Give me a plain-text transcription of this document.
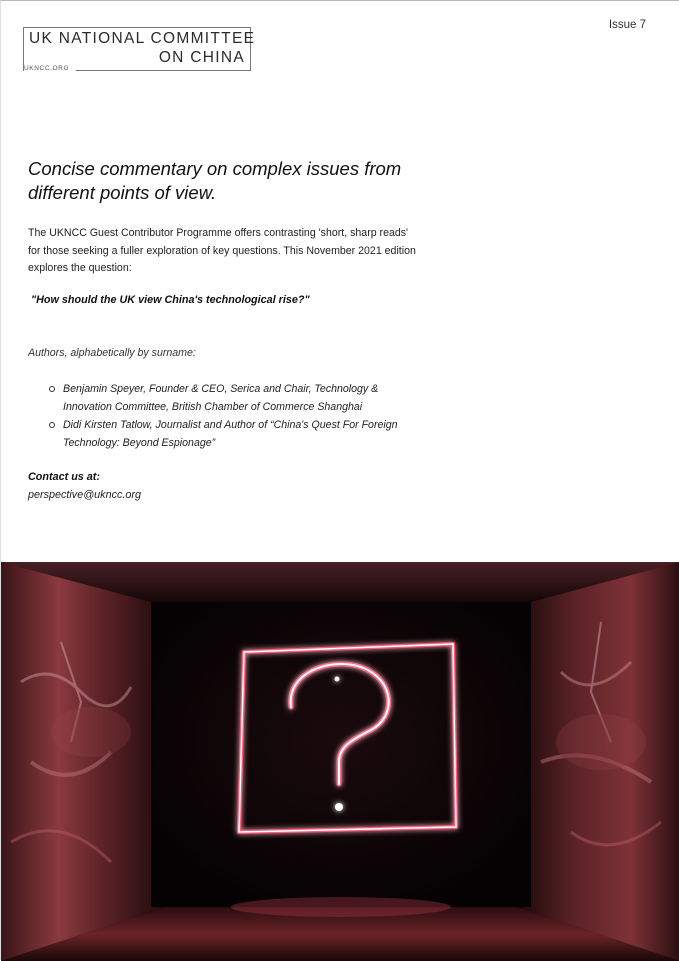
Issue 7
UK NATIONAL COMMITTEE
ON CHINA
UKNCC.ORG
Concise commentary on complex issues from
different points of view.
The UKNCC Guest Contributor Programme offers contrasting 'short, sharp reads'
for those seeking a fuller exploration of key questions. This November 2021 edition
explores the question:
"How should the UK view China's technological rise?"
Authors, alphabetically by surname:
Benjamin Speyer, Founder & CEO, Serica and Chair, Technology &
Innovation Committee, British Chamber of Commerce Shanghai
Didi Kirsten Tatlow, Journalist and Author of “China's Quest For Foreign
Technology: Beyond Espionage”
Contact us at:
perspective@ukncc.org
